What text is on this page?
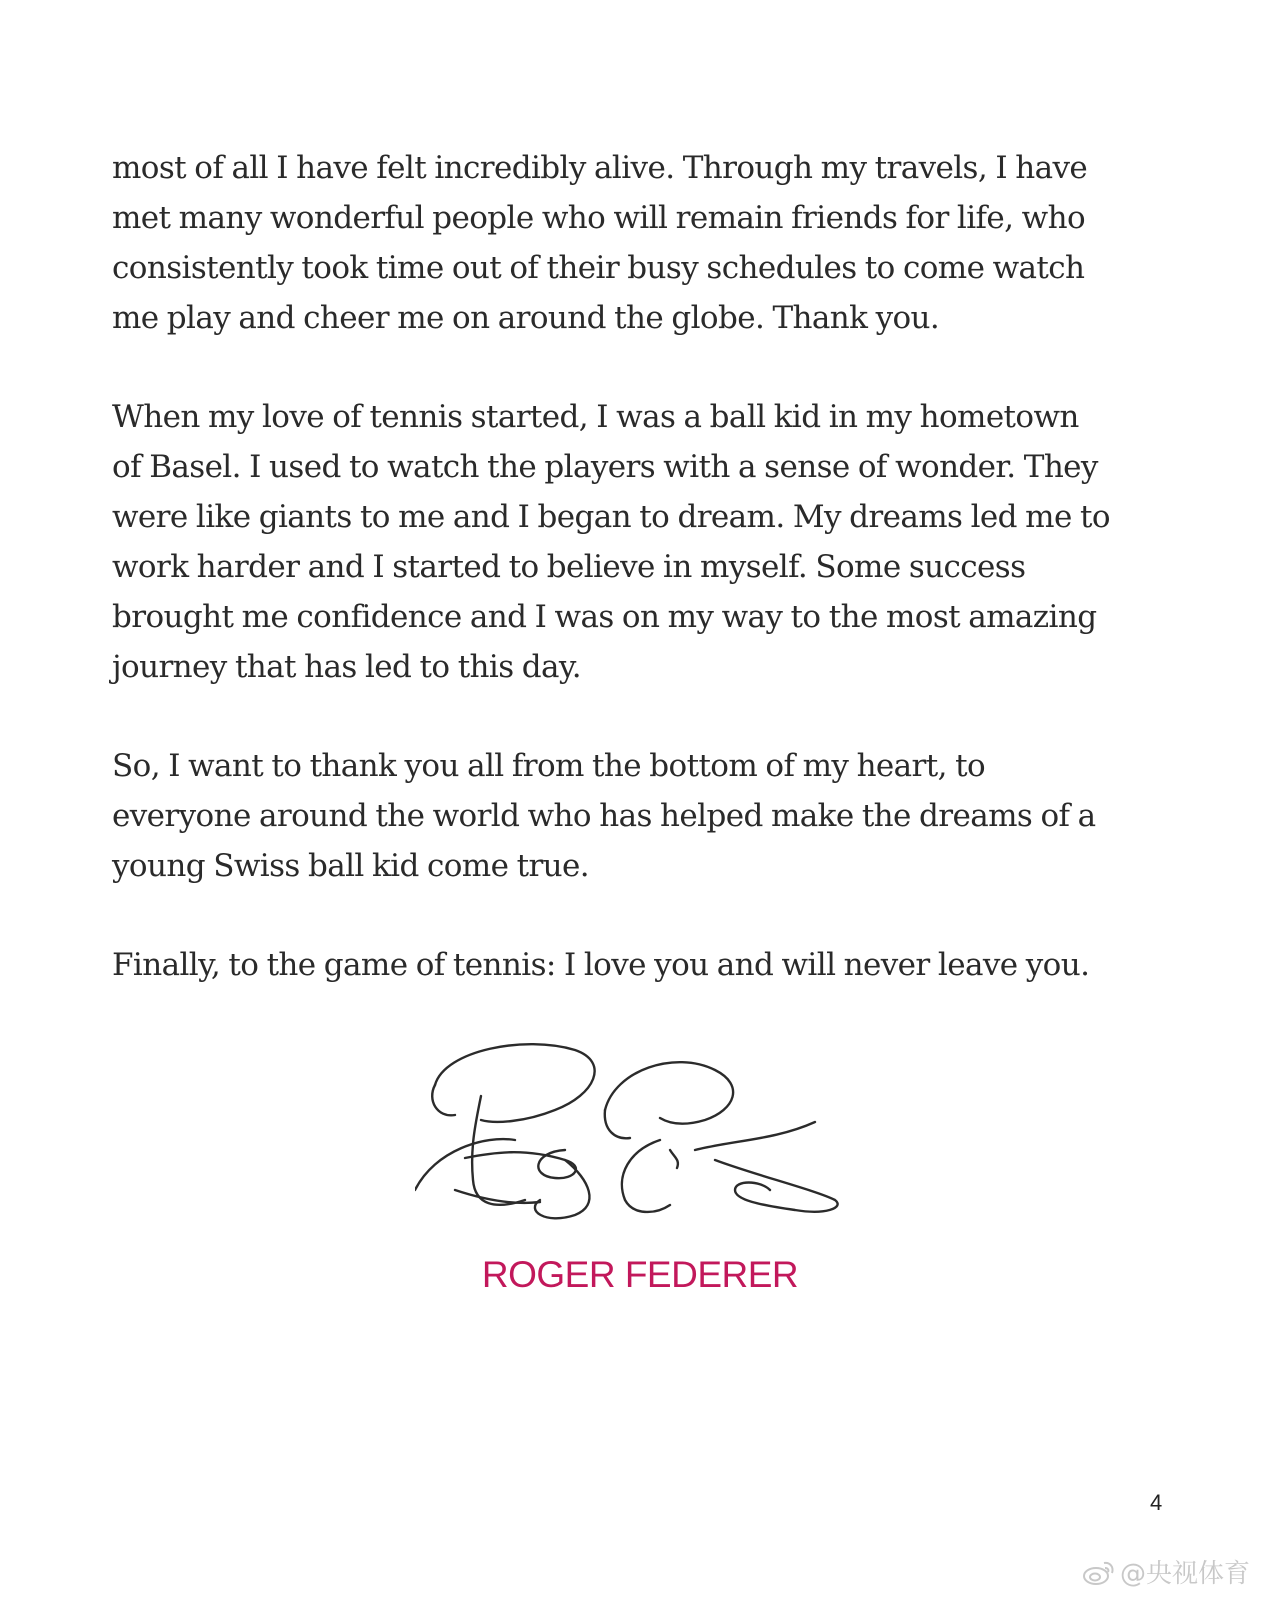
most of all I have felt incredibly alive. Through my travels, I have
met many wonderful people who will remain friends for life, who
consistently took time out of their busy schedules to come watch
me play and cheer me on around the globe. Thank you.

When my love of tennis started, I was a ball kid in my hometown
of Basel. I used to watch the players with a sense of wonder. They
were like giants to me and I began to dream. My dreams led me to
work harder and I started to believe in myself. Some success
brought me confidence and I was on my way to the most amazing
journey that has led to this day.

So, I want to thank you all from the bottom of my heart, to
everyone around the world who has helped make the dreams of a
young Swiss ball kid come true.

Finally, to the game of tennis: I love you and will never leave you.

ROGER FEDERER
4
@央视体育
